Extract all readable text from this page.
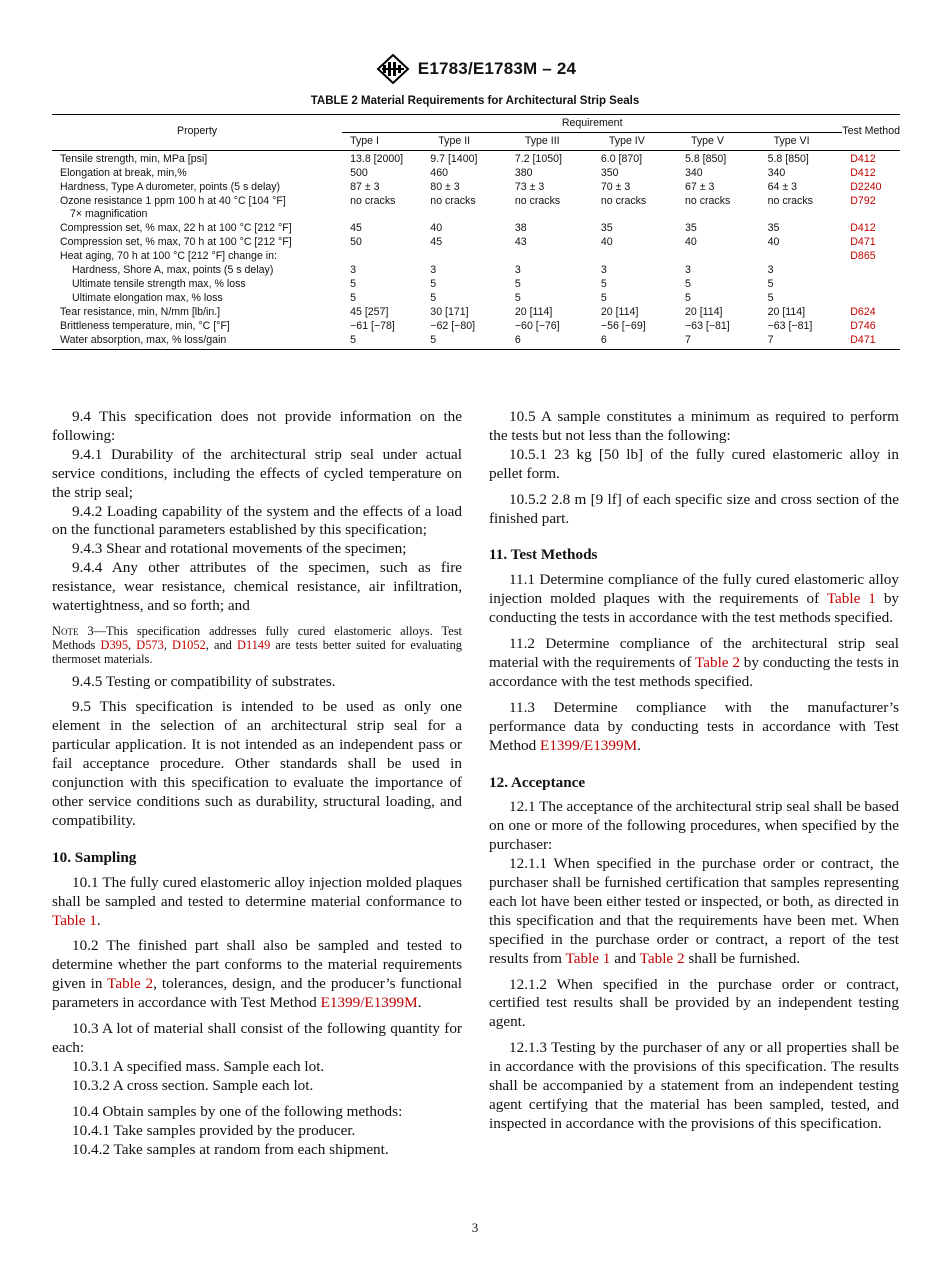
E1783/E1783M – 24
TABLE 2 Material Requirements for Architectural Strip Seals
Property	Requirement						Test Method
	Type I	Type II	Type III	Type IV	Type V	Type VI	
Tensile strength, min, MPa [psi]	13.8 [2000]	9.7 [1400]	7.2 [1050]	6.0 [870]	5.8 [850]	5.8 [850]	D412
Elongation at break, min,%	500	460	380	350	340	340	D412
Hardness, Type A durometer, points (5 s delay)	87 ± 3	80 ± 3	73 ± 3	70 ± 3	67 ± 3	64 ± 3	D2240
Ozone resistance 1 ppm 100 h at 40 °C [104 °F]	no cracks	no cracks	no cracks	no cracks	no cracks	no cracks	D792
7× magnification							
Compression set, % max, 22 h at 100 °C [212 °F]	45	40	38	35	35	35	D412
Compression set, % max, 70 h at 100 °C [212 °F]	50	45	43	40	40	40	D471
Heat aging, 70 h at 100 °C [212 °F] change in:							D865
Hardness, Shore A, max, points (5 s delay)	3	3	3	3	3	3	
Ultimate tensile strength max, % loss	5	5	5	5	5	5	
Ultimate elongation max, % loss	5	5	5	5	5	5	
Tear resistance, min, N/mm [lb/in.]	45 [257]	30 [171]	20 [114]	20 [114]	20 [114]	20 [114]	D624
Brittleness temperature, min, °C [°F]	−61 [−78]	−62 [−80]	−60 [−76]	−56 [−69]	−63 [−81]	−63 [−81]	D746
Water absorption, max, % loss/gain	5	5	6	6	7	7	D471

9.4 This specification does not provide information on the following:

9.4.1 Durability of the architectural strip seal under actual service conditions, including the effects of cycled temperature on the strip seal;

9.4.2 Loading capability of the system and the effects of a load on the functional parameters established by this specification;

9.4.3 Shear and rotational movements of the specimen;

9.4.4 Any other attributes of the specimen, such as fire resistance, wear resistance, chemical resistance, air infiltration, watertightness, and so forth; and

Note 3—This specification addresses fully cured elastomeric alloys. Test Methods D395, D573, D1052, and D1149 are tests better suited for evaluating thermoset materials.

9.4.5 Testing or compatibility of substrates.

9.5 This specification is intended to be used as only one element in the selection of an architectural strip seal for a particular application. It is not intended as an independent pass or fail acceptance procedure. Other standards shall be used in conjunction with this specification to evaluate the importance of other service conditions such as durability, structural loading, and compatibility.

10. Sampling

10.1 The fully cured elastomeric alloy injection molded plaques shall be sampled and tested to determine material conformance to Table 1.

10.2 The finished part shall also be sampled and tested to determine whether the part conforms to the material requirements given in Table 2, tolerances, design, and the producer’s functional parameters in accordance with Test Method E1399/E1399M.

10.3 A lot of material shall consist of the following quantity for each:

10.3.1 A specified mass. Sample each lot.

10.3.2 A cross section. Sample each lot.

10.4 Obtain samples by one of the following methods:

10.4.1 Take samples provided by the producer.

10.4.2 Take samples at random from each shipment.

10.5 A sample constitutes a minimum as required to perform the tests but not less than the following:

10.5.1 23 kg [50 lb] of the fully cured elastomeric alloy in pellet form.

10.5.2 2.8 m [9 lf] of each specific size and cross section of the finished part.

11. Test Methods

11.1 Determine compliance of the fully cured elastomeric alloy injection molded plaques with the requirements of Table 1 by conducting the tests in accordance with the test methods specified.

11.2 Determine compliance of the architectural strip seal material with the requirements of Table 2 by conducting the tests in accordance with the test methods specified.

11.3 Determine compliance with the manufacturer’s performance data by conducting tests in accordance with Test Method E1399/E1399M.

12. Acceptance

12.1 The acceptance of the architectural strip seal shall be based on one or more of the following procedures, when specified by the purchaser:

12.1.1 When specified in the purchase order or contract, the purchaser shall be furnished certification that samples representing each lot have been either tested or inspected, or both, as directed in this specification and that the requirements have been met. When specified in the purchase order or contract, a report of the test results from Table 1 and Table 2 shall be furnished.

12.1.2 When specified in the purchase order or contract, certified test results shall be provided by an independent testing agent.

12.1.3 Testing by the purchaser of any or all properties shall be in accordance with the provisions of this specification. The results shall be accompanied by a statement from an independent testing agent certifying that the material has been sampled, tested, and inspected in accordance with the provisions of this specification.

3
